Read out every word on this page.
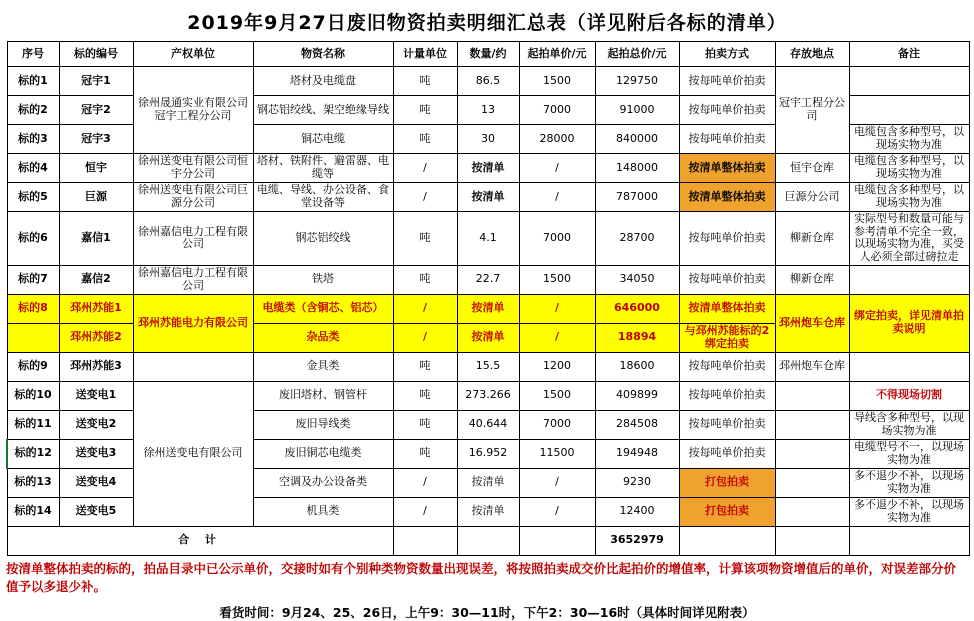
2019年9月27日废旧物资拍卖明细汇总表（详见附后各标的清单）
序号	标的编号	产权单位	物资名称	计量单位	数量/约	起拍单价/元	起拍总价/元	拍卖方式	存放地点	备注
标的1	冠宇1	徐州晟通实业有限公司冠宇工程分公司	塔材及电缆盘	吨	86.5	1500	129750	按每吨单价拍卖	冠宇工程分公司	
标的2	冠宇2		钢芯铝绞线、架空绝缘导线	吨	13	7000	91000	按每吨单价拍卖		
标的3	冠宇3		铜芯电缆	吨	30	28000	840000	按每吨单价拍卖		电缆包含多种型号，以现场实物为准
标的4	恒宇	徐州送变电有限公司恒宇分公司	塔材、铁附件、避雷器、电缆等	/	按清单	/	148000	按清单整体拍卖	恒宇仓库	电缆包含多种型号，以现场实物为准
标的5	巨源	徐州送变电有限公司巨源分公司	电缆、导线、办公设备、食堂设备等	/	按清单	/	787000	按清单整体拍卖	巨源分公司	电缆包含多种型号，以现场实物为准
标的6	嘉信1	徐州嘉信电力工程有限公司	钢芯铝绞线	吨	4.1	7000	28700	按每吨单价拍卖	柳新仓库	实际型号和数量可能与参考清单不完全一致，以现场实物为准，买受人必须全部过磅拉走
标的7	嘉信2	徐州嘉信电力工程有限公司	铁塔	吨	22.7	1500	34050	按每吨单价拍卖	柳新仓库	
标的8	邳州苏能1	邳州苏能电力有限公司	电缆类（含铜芯、铝芯）	/	按清单	/	646000	按清单整体拍卖	邳州炮车仓库	绑定拍卖，详见清单拍卖说明
	邳州苏能2		杂品类	/	按清单	/	18894	与邳州苏能标的2绑定拍卖		
标的9	邳州苏能3		金具类	吨	15.5	1200	18600	按每吨单价拍卖	邳州炮车仓库	
标的10	送变电1	徐州送变电有限公司	废旧塔材、钢管杆	吨	273.266	1500	409899	按每吨单价拍卖		不得现场切割
标的11	送变电2		废旧导线类	吨	40.644	7000	284508	按每吨单价拍卖		导线含多种型号，以现场实物为准
标的12	送变电3		废旧铜芯电缆类	吨	16.952	11500	194948	按每吨单价拍卖		电缆型号不一，以现场实物为准
标的13	送变电4		空调及办公设备类	/	按清单	/	9230	打包拍卖		多不退少不补，以现场实物为准
标的14	送变电5		机具类	/	按清单	/	12400	打包拍卖		多不退少不补，以现场实物为准
合 计							3652979			
按清单整体拍卖的标的，拍品目录中已公示单价，交接时如有个别种类物资数量出现误差，将按照拍卖成交价比起拍价的增值率，计算该项物资增值后的单价，对误差部分价值予以多退少补。
看货时间：9月24、25、26日，上午9：30—11时，下午2：30—16时（具体时间详见附表）
